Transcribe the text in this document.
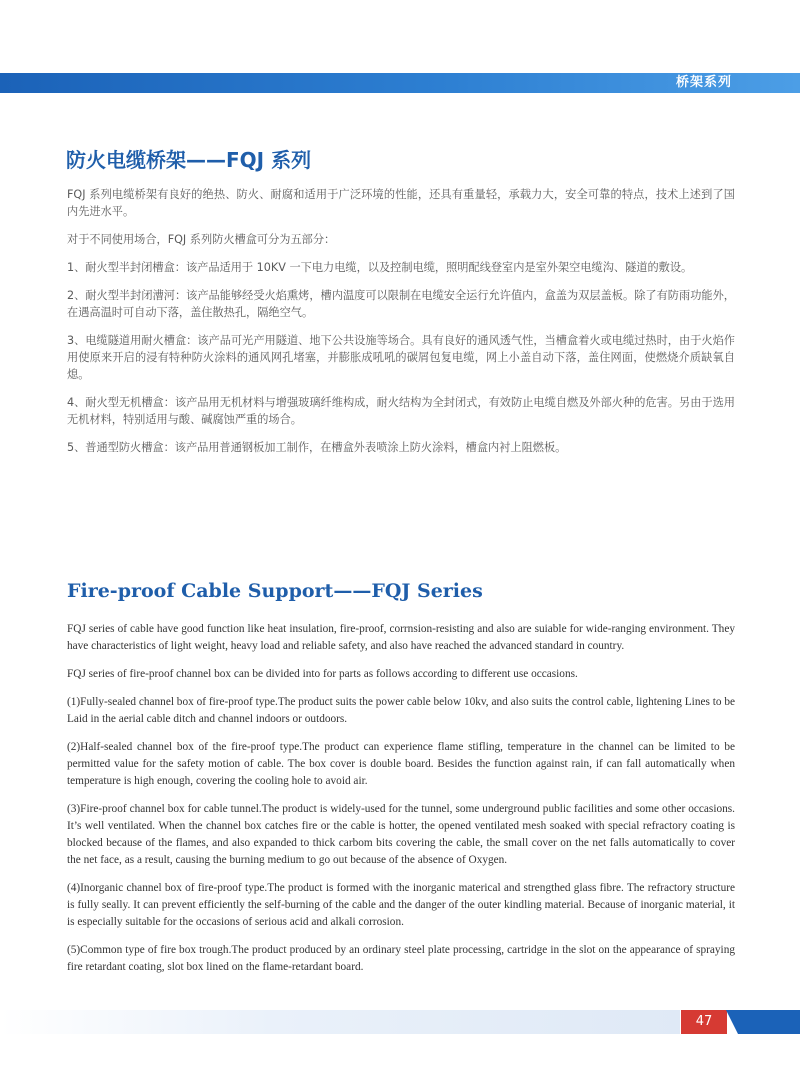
桥架系列
防火电缆桥架——FQJ 系列

FQJ 系列电缆桥架有良好的绝热、防火、耐腐和适用于广泛环境的性能，还具有重量轻，承载力大，安全可靠的特点，技术上述到了国内先进水平。

对于不同使用场合，FQJ 系列防火槽盒可分为五部分：

1、耐火型半封闭槽盒：该产品适用于 10KV 一下电力电缆，以及控制电缆，照明配线登室内是室外架空电缆沟、隧道的敷设。

2、耐火型半封闭漕河：该产品能够经受火焰熏烤，槽内温度可以限制在电缆安全运行允许值内，盒盖为双层盖板。除了有防雨功能外，在遇高温时可自动下落，盖住散热孔，隔绝空气。

3、电缆隧道用耐火槽盒：该产品可光产用隧道、地下公共设施等场合。具有良好的通风透气性，当槽盒着火或电缆过热时，由于火焰作用使原来开启的浸有特种防火涂料的通风网孔堵塞，并膨胀成吼吼的碳屑包复电缆，网上小盖自动下落，盖住网面，使燃烧介质缺氧自熄。

4、耐火型无机槽盒：该产品用无机材料与增强玻璃纤维构成，耐火结构为全封闭式，有效防止电缆自燃及外部火种的危害。另由于选用无机材料，特别适用与酸、碱腐蚀严重的场合。

5、普通型防火槽盒：该产品用普通钢板加工制作，在槽盒外表喷涂上防火涂料，槽盒内衬上阻燃板。

Fire-proof Cable Support——FQJ Series

FQJ series of cable have good function like heat insulation, fire-proof, corrnsion-resisting and also are suiable for wide-ranging environment. They have characteristics of light weight, heavy load and reliable safety, and also have reached the advanced standard in country.

FQJ series of fire-proof channel box can be divided into for parts as follows according to different use occasions.

(1)Fully-sealed channel box of fire-proof type.The product suits the power cable below 10kv, and also suits the control cable, lightening Lines to be Laid in the aerial cable ditch and channel indoors or outdoors.

(2)Half-sealed channel box of the fire-proof type.The product can experience flame stifling, temperature in the channel can be limited to be permitted value for the safety motion of cable. The box cover is double board. Besides the function against rain, if can fall automatically when temperature is high enough, covering the cooling hole to avoid air.

(3)Fire-proof channel box for cable tunnel.The product is widely-used for the tunnel, some underground public facilities and some other occasions. It’s well ventilated. When the channel box catches fire or the cable is hotter, the opened ventilated mesh soaked with special refractory coating is blocked because of the flames, and also expanded to thick carbom bits covering the cable, the small cover on the net falls automatically to cover the net face, as a result, causing the burning medium to go out because of the absence of Oxygen.

(4)Inorganic channel box of fire-proof type.The product is formed with the inorganic materical and strengthed glass fibre. The refractory structure is fully seally. It can prevent efficiently the self-burning of the cable and the danger of the outer kindling material. Because of inorganic material, it is especially suitable for the occasions of serious acid and alkali corrosion.

(5)Common type of fire box trough.The product produced by an ordinary steel plate processing, cartridge in the slot on the appearance of spraying fire retardant coating, slot box lined on the flame-retardant board.

47
